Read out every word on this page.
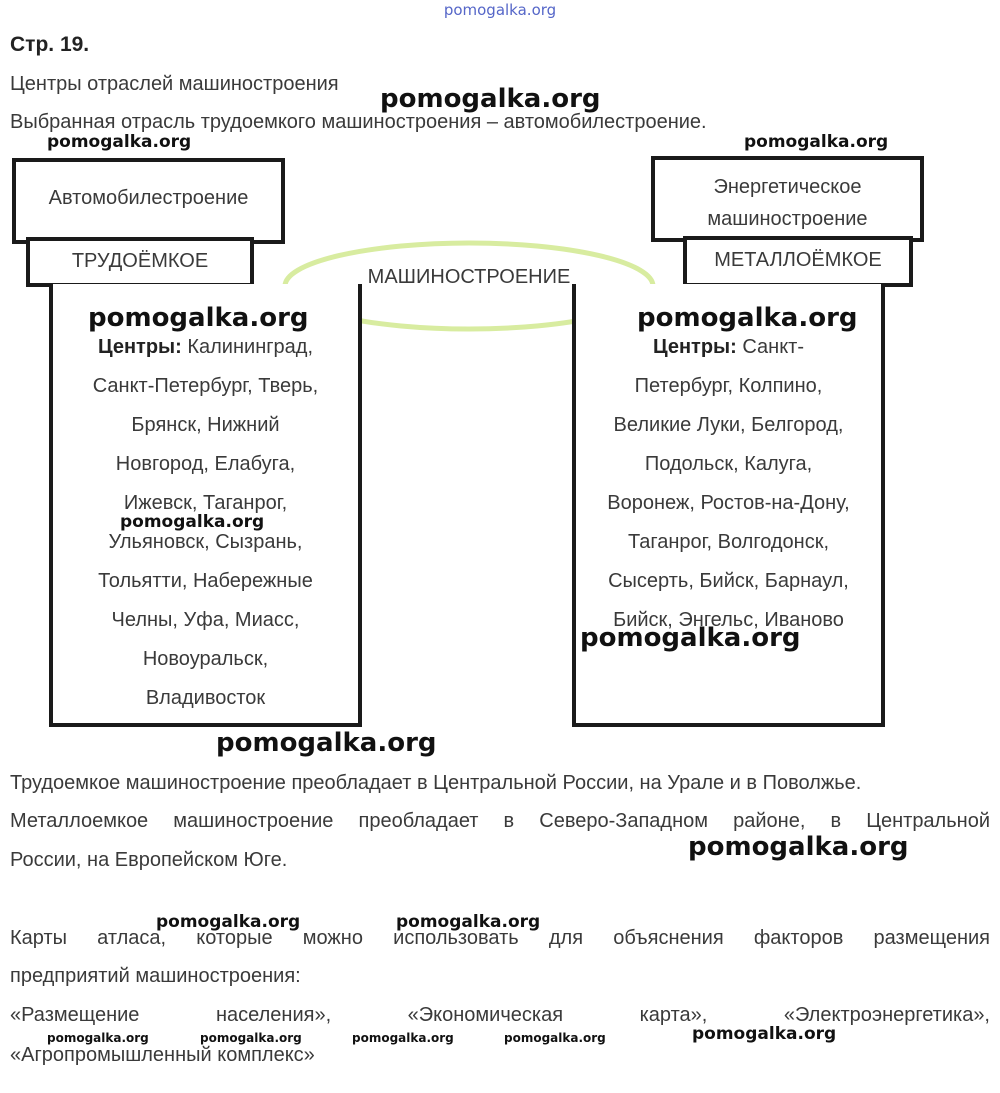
pomogalka.org
Стр. 19.
Центры отраслей машиностроения
Выбранная отрасль трудоемкого машиностроения – автомобилестроение.
МАШИНОСТРОЕНИЕ
Автомобилестроение
ТРУДОЁМКОЕ
Центры: Калининград,
Санкт-Петербург, Тверь,
Брянск, Нижний
Новгород, Елабуга,
Ижевск, Таганрог,
Ульяновск, Сызрань,
Тольятти, Набережные
Челны, Уфа, Миасс,
Новоуральск,
Владивосток
Энергетическое
машиностроение
МЕТАЛЛОЁМКОЕ
Центры: Санкт-
Петербург, Колпино,
Великие Луки, Белгород,
Подольск, Калуга,
Воронеж, Ростов-на-Дону,
Таганрог, Волгодонск,
Сысерть, Бийск, Барнаул,
Бийск, Энгельс, Иваново
Трудоемкое машиностроение преобладает в Центральной России, на Урале и в Поволжье.
Металлоемкое машиностроение преобладает в Северо-Западном районе, в Центральной
России, на Европейском Юге.
Карты атласа, которые можно использовать для объяснения факторов размещения
предприятий машиностроения:
«Размещение населения», «Экономическая карта», «Электроэнергетика»,
«Агропромышленный комплекс»
pomogalka.org
pomogalka.org	pomogalka.org
pomogalka.org	pomogalka.org
pomogalka.org
pomogalka.org
pomogalka.org
pomogalka.org
pomogalka.org	pomogalka.org
pomogalka.org	pomogalka.org	pomogalka.org	pomogalka.org	pomogalka.org
